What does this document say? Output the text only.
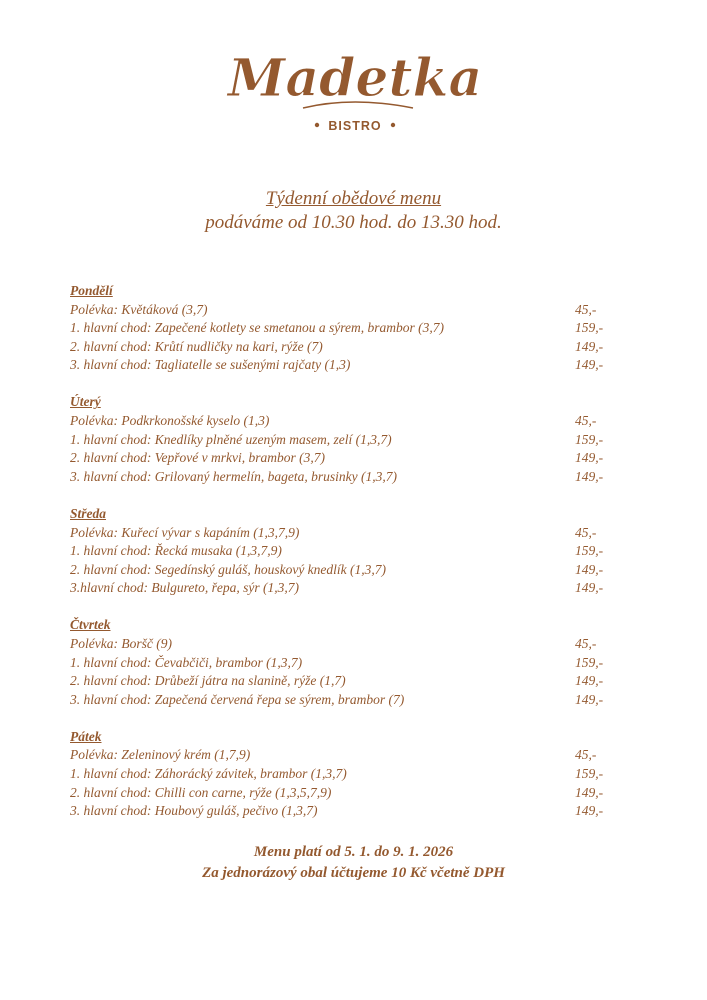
Madetka
BISTRO
Týdenní obědové menu
podáváme od 10.30 hod. do 13.30 hod.
Pondělí
Polévka: Květáková (3,7)	45,-
1. hlavní chod: Zapečené kotlety se smetanou a sýrem, brambor (3,7)	159,-
2. hlavní chod: Krůtí nudličky na kari, rýže (7)	149,-
3. hlavní chod: Tagliatelle se sušenými rajčaty (1,3)	149,-
Úterý
Polévka: Podkrkonošské kyselo (1,3)	45,-
1. hlavní chod: Knedlíky plněné uzeným masem, zelí (1,3,7)	159,-
2. hlavní chod: Vepřové v mrkvi, brambor (3,7)	149,-
3. hlavní chod: Grilovaný hermelín, bageta, brusinky (1,3,7)	149,-
Středa
Polévka: Kuřecí vývar s kapáním (1,3,7,9)	45,-
1. hlavní chod: Řecká musaka (1,3,7,9)	159,-
2. hlavní chod: Segedínský guláš, houskový knedlík (1,3,7)	149,-
3.hlavní chod: Bulgureto, řepa, sýr (1,3,7)	149,-
Čtvrtek
Polévka: Boršč (9)	45,-
1. hlavní chod: Čevabčiči, brambor (1,3,7)	159,-
2. hlavní chod: Drůbeží játra na slanině, rýže (1,7)	149,-
3. hlavní chod: Zapečená červená řepa se sýrem, brambor (7)	149,-
Pátek
Polévka: Zeleninový krém (1,7,9)	45,-
1. hlavní chod: Záhorácký závitek, brambor (1,3,7)	159,-
2. hlavní chod: Chilli con carne, rýže (1,3,5,7,9)	149,-
3. hlavní chod: Houbový guláš, pečivo (1,3,7)	149,-
Menu platí od 5. 1. do 9. 1. 2026
Za jednorázový obal účtujeme 10 Kč včetně DPH
